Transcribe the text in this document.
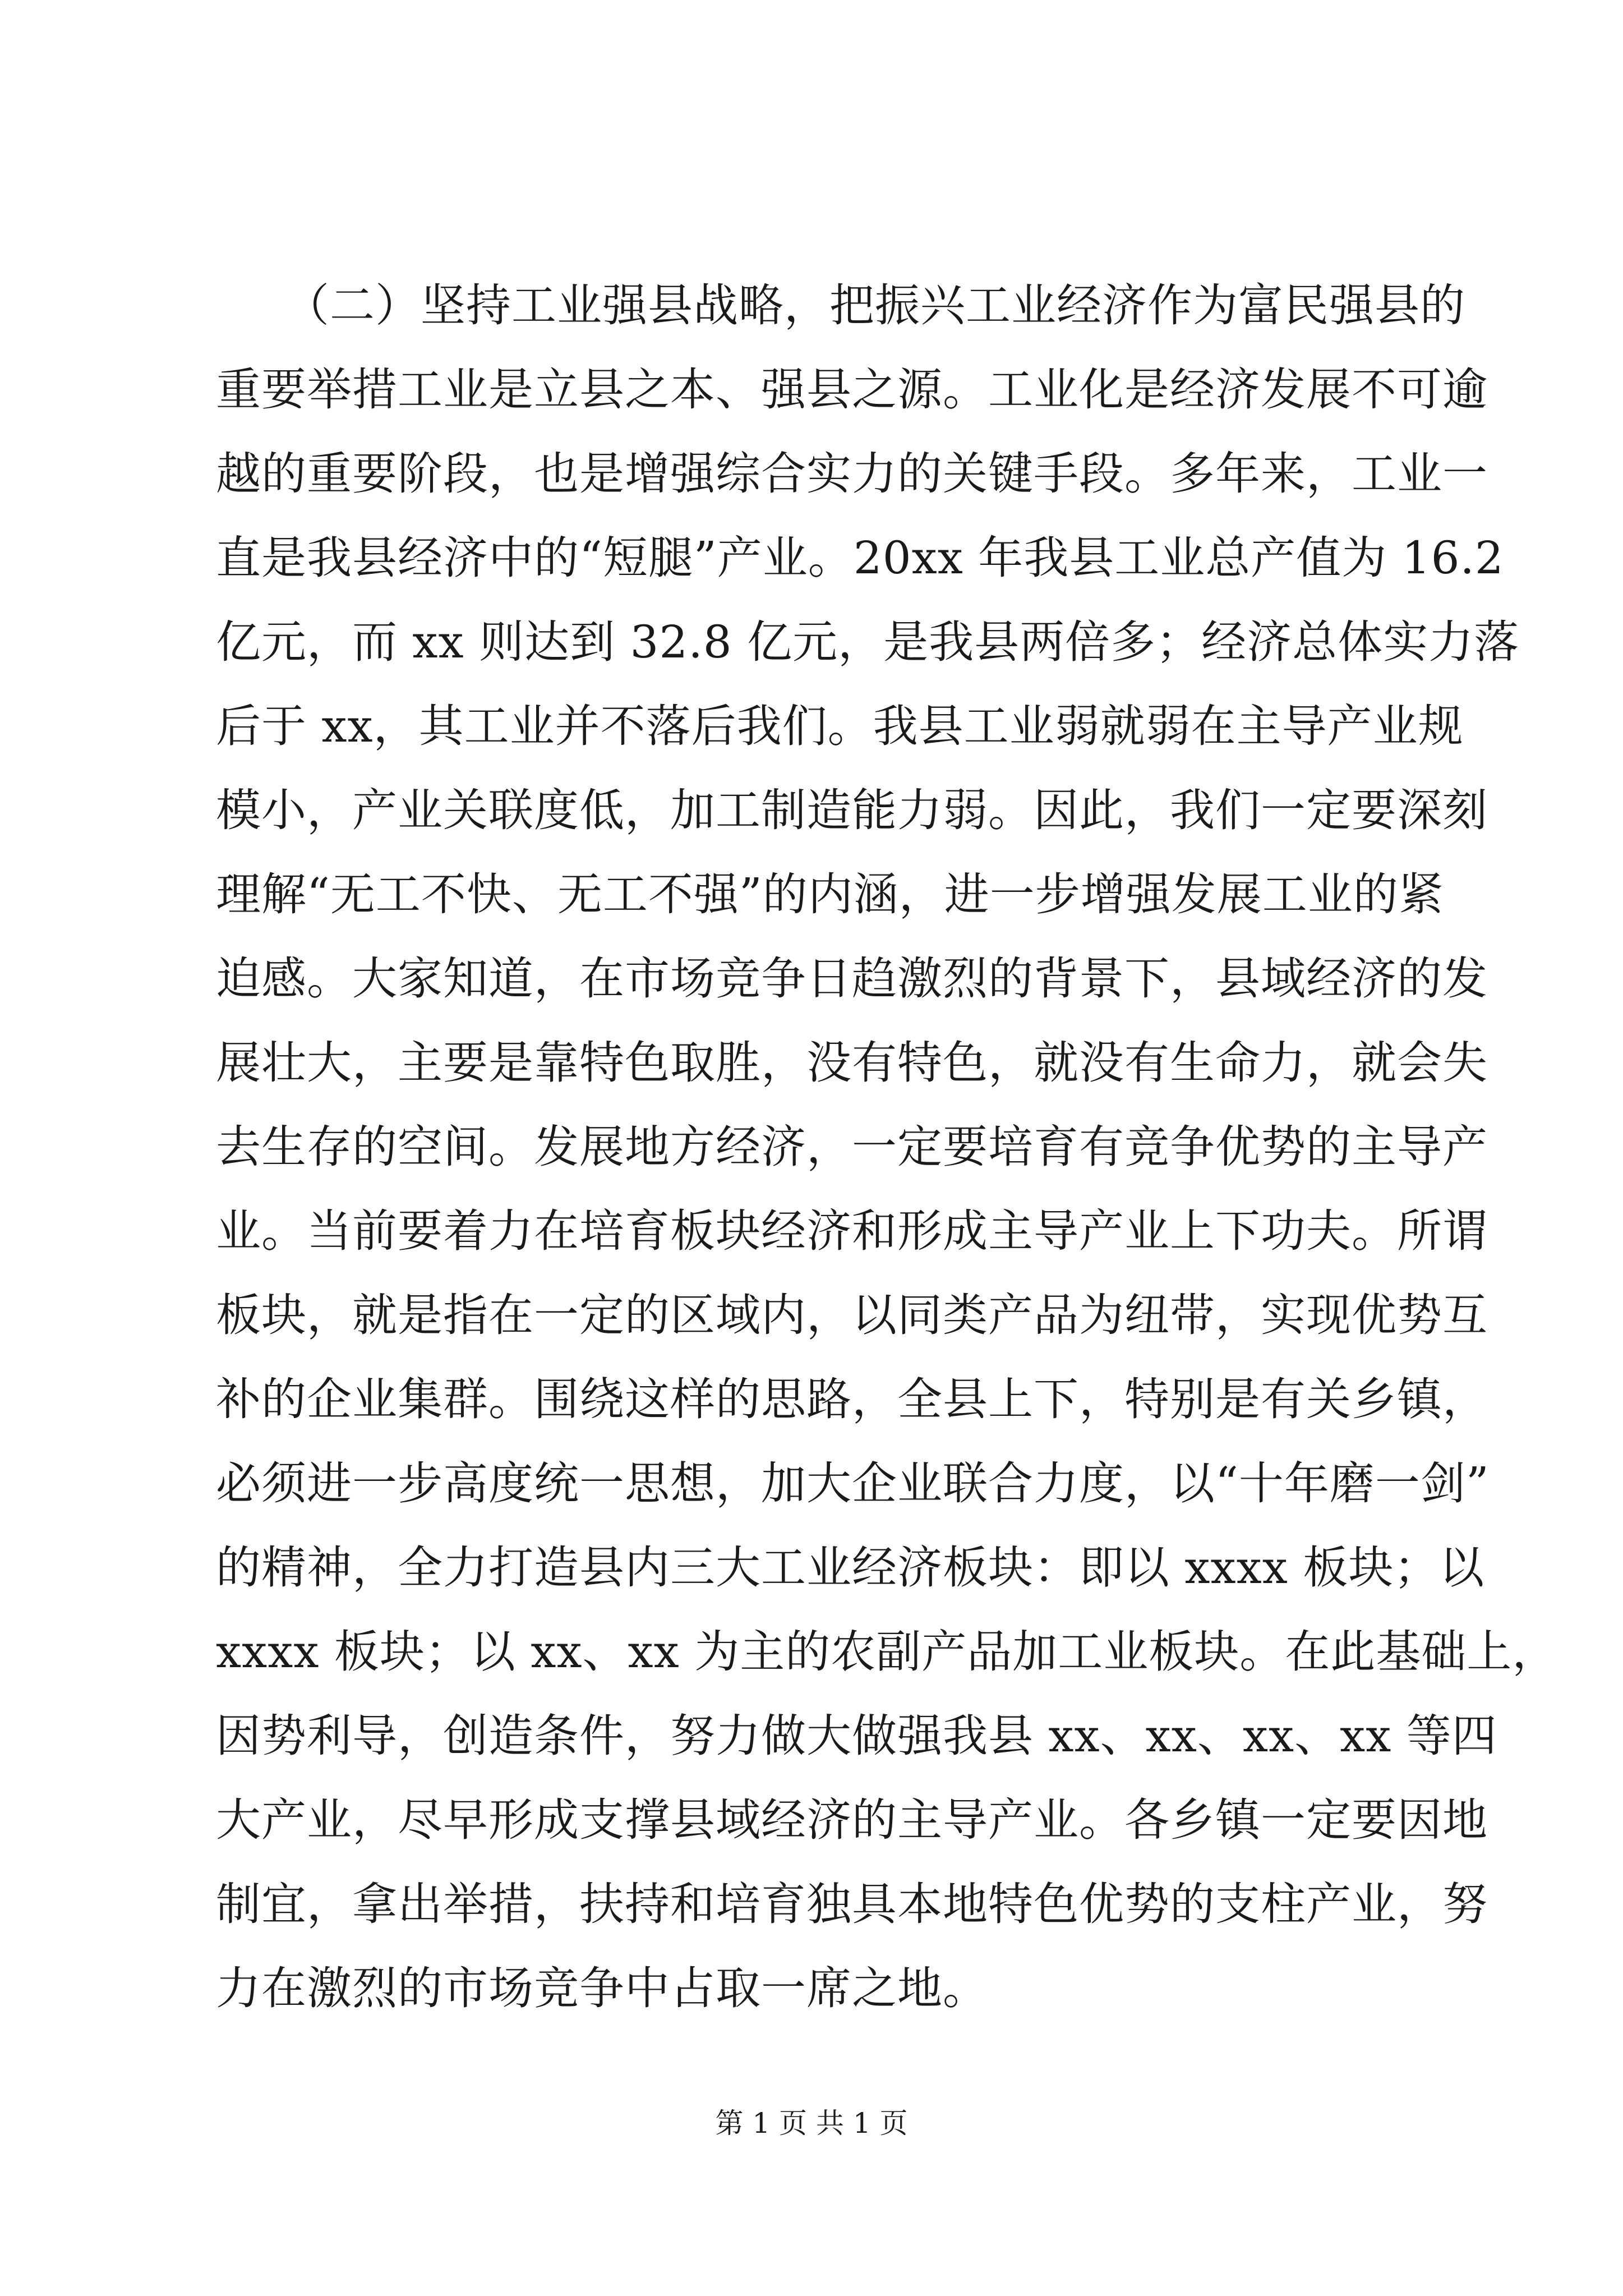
　　（二）坚持工业强县战略，把振兴工业经济作为富民强县的
重要举措工业是立县之本、强县之源。工业化是经济发展不可逾
越的重要阶段，也是增强综合实力的关键手段。多年来，工业一
直是我县经济中的“短腿”产业。20xx 年我县工业总产值为 16.2
亿元，而 xx 则达到 32.8 亿元，是我县两倍多；经济总体实力落
后于 xx，其工业并不落后我们。我县工业弱就弱在主导产业规
模小，产业关联度低，加工制造能力弱。因此，我们一定要深刻
理解“无工不快、无工不强”的内涵，进一步增强发展工业的紧
迫感。大家知道，在市场竞争日趋激烈的背景下，县域经济的发
展壮大，主要是靠特色取胜，没有特色，就没有生命力，就会失
去生存的空间。发展地方经济，一定要培育有竞争优势的主导产
业。当前要着力在培育板块经济和形成主导产业上下功夫。所谓
板块，就是指在一定的区域内，以同类产品为纽带，实现优势互
补的企业集群。围绕这样的思路，全县上下，特别是有关乡镇，
必须进一步高度统一思想，加大企业联合力度，以“十年磨一剑”
的精神，全力打造县内三大工业经济板块：即以 xxxx 板块；以
xxxx 板块；以 xx、xx 为主的农副产品加工业板块。在此基础上，
因势利导，创造条件，努力做大做强我县 xx、xx、xx、xx 等四
大产业，尽早形成支撑县域经济的主导产业。各乡镇一定要因地
制宜，拿出举措，扶持和培育独具本地特色优势的支柱产业，努
力在激烈的市场竞争中占取一席之地。
第 1 页 共 1 页
